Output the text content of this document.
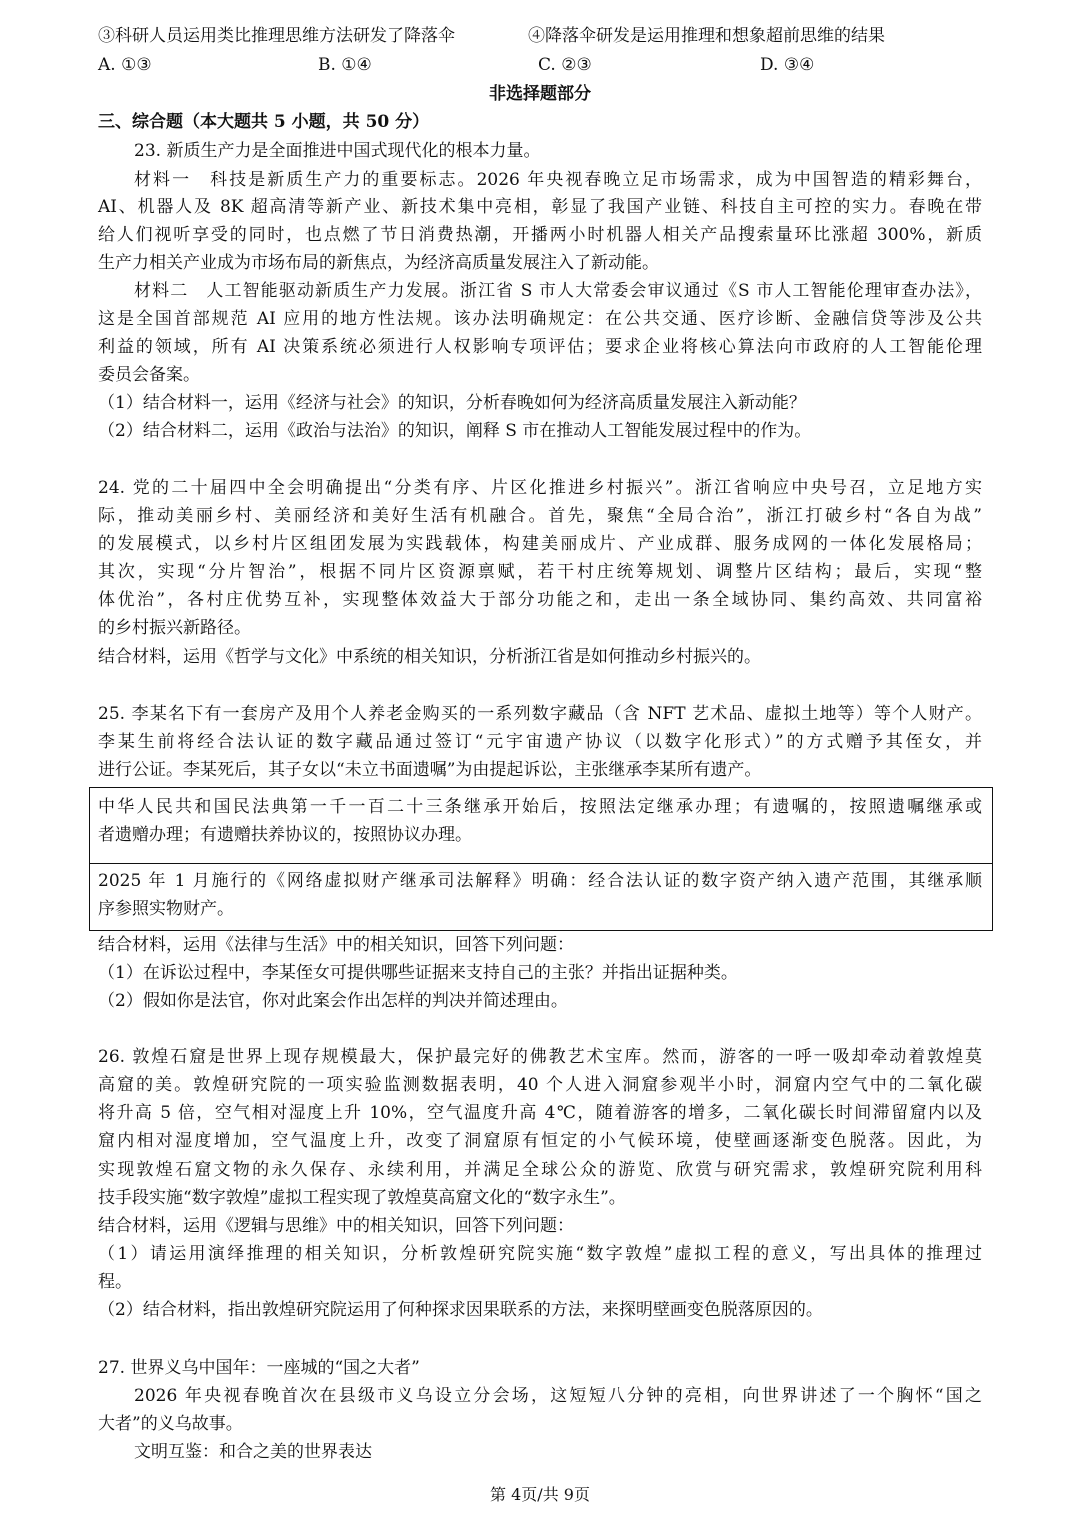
③科研人员运用类比推理思维方法研发了降落伞	④降落伞研发是运用推理和想象超前思维的结果
A. ①③	B. ①④	C. ②③	D. ③④
非选择题部分
三、综合题（本大题共 5 小题，共 50 分）
23. 新质生产力是全面推进中国式现代化的根本力量。
材料一　科技是新质生产力的重要标志。2026 年央视春晚立足市场需求，成为中国智造的精彩舞台，
AI、机器人及 8K 超高清等新产业、新技术集中亮相，彰显了我国产业链、科技自主可控的实力。春晚在带
给人们视听享受的同时，也点燃了节日消费热潮，开播两小时机器人相关产品搜索量环比涨超 300%，新质
生产力相关产业成为市场布局的新焦点，为经济高质量发展注入了新动能。
材料二　人工智能驱动新质生产力发展。浙江省 S 市人大常委会审议通过《S 市人工智能伦理审查办法》，
这是全国首部规范 AI 应用的地方性法规。该办法明确规定：在公共交通、医疗诊断、金融信贷等涉及公共
利益的领域，所有 AI 决策系统必须进行人权影响专项评估；要求企业将核心算法向市政府的人工智能伦理
委员会备案。
（1）结合材料一，运用《经济与社会》的知识，分析春晚如何为经济高质量发展注入新动能？
（2）结合材料二，运用《政治与法治》的知识，阐释 S 市在推动人工智能发展过程中的作为。
24. 党的二十届四中全会明确提出“分类有序、片区化推进乡村振兴”。浙江省响应中央号召，立足地方实
际，推动美丽乡村、美丽经济和美好生活有机融合。首先，聚焦“全局合治”，浙江打破乡村“各自为战”
的发展模式，以乡村片区组团发展为实践载体，构建美丽成片、产业成群、服务成网的一体化发展格局；
其次，实现“分片智治”，根据不同片区资源禀赋，若干村庄统筹规划、调整片区结构；最后，实现“整
体优治”，各村庄优势互补，实现整体效益大于部分功能之和，走出一条全域协同、集约高效、共同富裕
的乡村振兴新路径。
结合材料，运用《哲学与文化》中系统的相关知识，分析浙江省是如何推动乡村振兴的。
25. 李某名下有一套房产及用个人养老金购买的一系列数字藏品（含 NFT 艺术品、虚拟土地等）等个人财产。
李某生前将经合法认证的数字藏品通过签订“元宇宙遗产协议（以数字化形式）”的方式赠予其侄女，并
进行公证。李某死后，其子女以“未立书面遗嘱”为由提起诉讼，主张继承李某所有遗产。
中华人民共和国民法典第一千一百二十三条继承开始后，按照法定继承办理；有遗嘱的，按照遗嘱继承或
者遗赠办理；有遗赠扶养协议的，按照协议办理。
2025 年 1 月施行的《网络虚拟财产继承司法解释》明确：经合法认证的数字资产纳入遗产范围，其继承顺
序参照实物财产。
结合材料，运用《法律与生活》中的相关知识，回答下列问题：
（1）在诉讼过程中，李某侄女可提供哪些证据来支持自己的主张？并指出证据种类。
（2）假如你是法官，你对此案会作出怎样的判决并简述理由。
26. 敦煌石窟是世界上现存规模最大，保护最完好的佛教艺术宝库。然而，游客的一呼一吸却牵动着敦煌莫
高窟的美。敦煌研究院的一项实验监测数据表明，40 个人进入洞窟参观半小时，洞窟内空气中的二氧化碳
将升高 5 倍，空气相对湿度上升 10%，空气温度升高 4℃，随着游客的增多，二氧化碳长时间滞留窟内以及
窟内相对湿度增加，空气温度上升，改变了洞窟原有恒定的小气候环境，使壁画逐渐变色脱落。因此，为
实现敦煌石窟文物的永久保存、永续利用，并满足全球公众的游览、欣赏与研究需求，敦煌研究院利用科
技手段实施“数字敦煌”虚拟工程实现了敦煌莫高窟文化的“数字永生”。
结合材料，运用《逻辑与思维》中的相关知识，回答下列问题：
（1）请运用演绎推理的相关知识，分析敦煌研究院实施“数字敦煌”虚拟工程的意义，写出具体的推理过
程。
（2）结合材料，指出敦煌研究院运用了何种探求因果联系的方法，来探明壁画变色脱落原因的。
27. 世界义乌中国年：一座城的“国之大者”
2026 年央视春晚首次在县级市义乌设立分会场，这短短八分钟的亮相，向世界讲述了一个胸怀“国之
大者”的义乌故事。
文明互鉴：和合之美的世界表达
第 4页/共 9页
